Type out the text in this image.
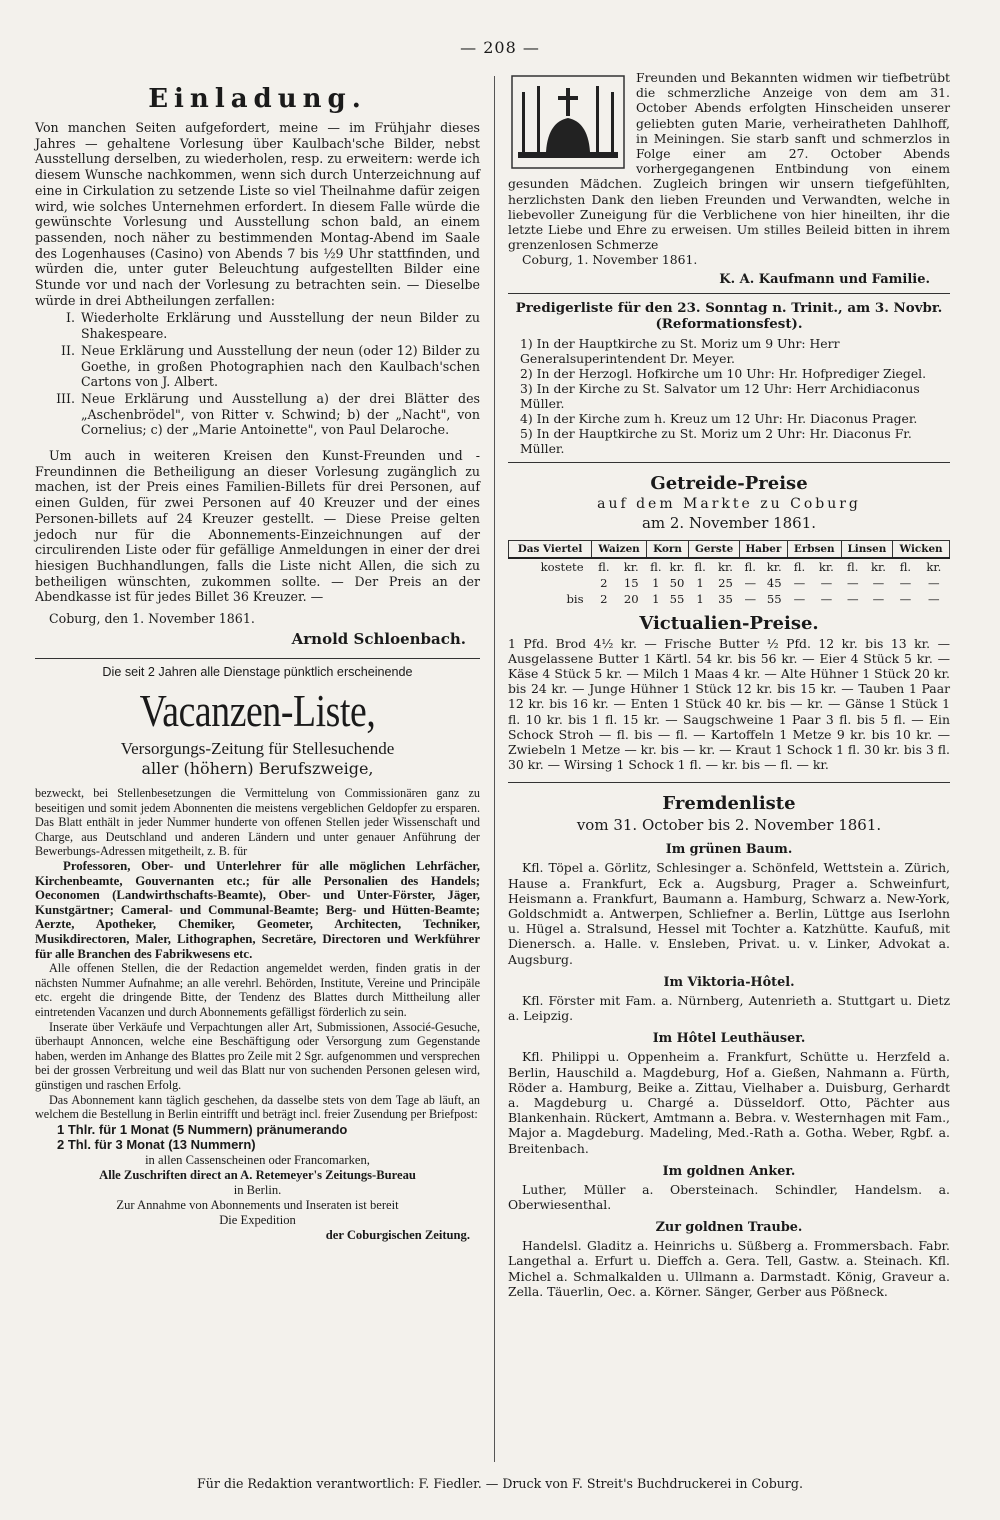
— 208 —
Einladung.

Von manchen Seiten aufgefordert, meine — im Frühjahr dieses Jahres — gehaltene Vorlesung über Kaulbach'sche Bilder, nebst Ausstellung derselben, zu wiederholen, resp. zu erweitern: werde ich diesem Wunsche nachkommen, wenn sich durch Unterzeichnung auf eine in Cirkulation zu setzende Liste so viel Theilnahme dafür zeigen wird, wie solches Unternehmen erfordert. In diesem Falle würde die gewünschte Vorlesung und Ausstellung schon bald, an einem passenden, noch näher zu bestimmenden Montag-Abend im Saale des Logenhauses (Casino) von Abends 7 bis ½9 Uhr stattfinden, und würden die, unter guter Beleuchtung aufgestellten Bilder eine Stunde vor und nach der Vorlesung zu betrachten sein. — Dieselbe würde in drei Abtheilungen zerfallen:

I. Wiederholte Erklärung und Ausstellung der neun Bilder zu Shakespeare.
II. Neue Erklärung und Ausstellung der neun (oder 12) Bilder zu Goethe, in großen Photographien nach den Kaulbach'schen Cartons von J. Albert.
III. Neue Erklärung und Ausstellung a) der drei Blätter des „Aschenbrödel", von Ritter v. Schwind; b) der „Nacht", von Cornelius; c) der „Marie Antoinette", von Paul Delaroche.

Um auch in weiteren Kreisen den Kunst-Freunden und -Freundinnen die Betheiligung an dieser Vorlesung zugänglich zu machen, ist der Preis eines Familien-Billets für drei Personen, auf einen Gulden, für zwei Personen auf 40 Kreuzer und der eines Personen-billets auf 24 Kreuzer gestellt. — Diese Preise gelten jedoch nur für die Abonnements-Einzeichnungen auf der circulirenden Liste oder für gefällige Anmeldungen in einer der drei hiesigen Buchhandlungen, falls die Liste nicht Allen, die sich zu betheiligen wünschten, zukommen sollte. — Der Preis an der Abendkasse ist für jedes Billet 36 Kreuzer. —

Coburg, den 1. November 1861.

Arnold Schloenbach.

Die seit 2 Jahren alle Dienstage pünktlich erscheinende

Vacanzen-Liste,

Versorgungs-Zeitung für Stellesuchende

aller (höhern) Berufszweige,

bezweckt, bei Stellenbesetzungen die Vermittelung von Commissionären ganz zu beseitigen und somit jedem Abonnenten die meistens vergeblichen Geldopfer zu ersparen. Das Blatt enthält in jeder Nummer hunderte von offenen Stellen jeder Wissenschaft und Charge, aus Deutschland und anderen Ländern und unter genauer Anführung der Bewerbungs-Adressen mitgetheilt, z. B. für

Professoren, Ober- und Unterlehrer für alle möglichen Lehrfächer, Kirchenbeamte, Gouvernanten etc.; für alle Personalien des Handels; Oeconomen (Landwirthschafts-Beamte), Ober- und Unter-Förster, Jäger, Kunstgärtner; Cameral- und Communal-Beamte; Berg- und Hütten-Beamte; Aerzte, Apotheker, Chemiker, Geometer, Architecten, Techniker, Musikdirectoren, Maler, Lithographen, Secretäre, Directoren und Werkführer für alle Branchen des Fabrikwesens etc.

Alle offenen Stellen, die der Redaction angemeldet werden, finden gratis in der nächsten Nummer Aufnahme; an alle verehrl. Behörden, Institute, Vereine und Principäle etc. ergeht die dringende Bitte, der Tendenz des Blattes durch Mittheilung aller eintretenden Vacanzen und durch Abonnements gefälligst förderlich zu sein.

Inserate über Verkäufe und Verpachtungen aller Art, Submissionen, Associé-Gesuche, überhaupt Annoncen, welche eine Beschäftigung oder Versorgung zum Gegenstande haben, werden im Anhange des Blattes pro Zeile mit 2 Sgr. aufgenommen und versprechen bei der grossen Verbreitung und weil das Blatt nur von suchenden Personen gelesen wird, günstigen und raschen Erfolg.

Das Abonnement kann täglich geschehen, da dasselbe stets von dem Tage ab läuft, an welchem die Bestellung in Berlin eintrifft und beträgt incl. freier Zusendung per Briefpost:

1 Thlr. für 1 Monat (5 Nummern) pränumerando

2 Thl. für 3 Monat (13 Nummern)

in allen Cassenscheinen oder Francomarken,

Alle Zuschriften direct an A. Retemeyer's Zeitungs-Bureau

in Berlin.

Zur Annahme von Abonnements und Inseraten ist bereit

Die Expedition

der Coburgischen Zeitung.

Freunden und Bekannten widmen wir tiefbetrübt die schmerzliche Anzeige von dem am 31. October Abends erfolgten Hinscheiden unserer geliebten guten Marie, verheiratheten Dahlhoff, in Meiningen. Sie starb sanft und schmerzlos in Folge einer am 27. October Abends vorhergegangenen Entbindung von einem gesunden Mädchen. Zugleich bringen wir unsern tiefgefühlten, herzlichsten Dank den lieben Freunden und Verwandten, welche in liebevoller Zuneigung für die Verblichene von hier hineilten, ihr die letzte Liebe und Ehre zu erweisen. Um stilles Beileid bitten in ihrem grenzenlosen Schmerze

Coburg, 1. November 1861.

K. A. Kaufmann und Familie.

Predigerliste für den 23. Sonntag n. Trinit., am 3. Novbr. (Reformationsfest).

1) In der Hauptkirche zu St. Moriz um 9 Uhr: Herr Generalsuperintendent Dr. Meyer.

2) In der Herzogl. Hofkirche um 10 Uhr: Hr. Hofprediger Ziegel.

3) In der Kirche zu St. Salvator um 12 Uhr: Herr Archidiaconus Müller.

4) In der Kirche zum h. Kreuz um 12 Uhr: Hr. Diaconus Prager.

5) In der Hauptkirche zu St. Moriz um 2 Uhr: Hr. Diaconus Fr. Müller.

Getreide-Preise

auf dem Markte zu Coburg

am 2. November 1861.

Das Viertel	Waizen		Korn		Gerste		Haber		Erbsen		Linsen		Wicken	
kostete	fl.	kr.	fl.	kr.	fl.	kr.	fl.	kr.	fl.	kr.	fl.	kr.	fl.	kr.
	2	15	1	50	1	25	—	45	—	—	—	—	—	—
bis	2	20	1	55	1	35	—	55	—	—	—	—	—	—

Victualien-Preise.

1 Pfd. Brod 4½ kr. — Frische Butter ½ Pfd. 12 kr. bis 13 kr. — Ausgelassene Butter 1 Kärtl. 54 kr. bis 56 kr. — Eier 4 Stück 5 kr. — Käse 4 Stück 5 kr. — Milch 1 Maas 4 kr. — Alte Hühner 1 Stück 20 kr. bis 24 kr. — Junge Hühner 1 Stück 12 kr. bis 15 kr. — Tauben 1 Paar 12 kr. bis 16 kr. — Enten 1 Stück 40 kr. bis — kr. — Gänse 1 Stück 1 fl. 10 kr. bis 1 fl. 15 kr. — Saugschweine 1 Paar 3 fl. bis 5 fl. — Ein Schock Stroh — fl. bis — fl. — Kartoffeln 1 Metze 9 kr. bis 10 kr. — Zwiebeln 1 Metze — kr. bis — kr. — Kraut 1 Schock 1 fl. 30 kr. bis 3 fl. 30 kr. — Wirsing 1 Schock 1 fl. — kr. bis — fl. — kr.

Fremdenliste

vom 31. October bis 2. November 1861.

Im grünen Baum.

Kfl. Töpel a. Görlitz, Schlesinger a. Schönfeld, Wettstein a. Zürich, Hause a. Frankfurt, Eck a. Augsburg, Prager a. Schweinfurt, Heismann a. Frankfurt, Baumann a. Hamburg, Schwarz a. New-York, Goldschmidt a. Antwerpen, Schliefner a. Berlin, Lüttge aus Iserlohn u. Hügel a. Stralsund, Hessel mit Tochter a. Katzhütte. Kaufuß, mit Dienersch. a. Halle. v. Ensleben, Privat. u. v. Linker, Advokat a. Augsburg.

Im Viktoria-Hôtel.

Kfl. Förster mit Fam. a. Nürnberg, Autenrieth a. Stuttgart u. Dietz a. Leipzig.

Im Hôtel Leuthäuser.

Kfl. Philippi u. Oppenheim a. Frankfurt, Schütte u. Herzfeld a. Berlin, Hauschild a. Magdeburg, Hof a. Gießen, Nahmann a. Fürth, Röder a. Hamburg, Beike a. Zittau, Vielhaber a. Duisburg, Gerhardt a. Magdeburg u. Chargé a. Düsseldorf. Otto, Pächter aus Blankenhain. Rückert, Amtmann a. Bebra. v. Westernhagen mit Fam., Major a. Magdeburg. Madeling, Med.-Rath a. Gotha. Weber, Rgbf. a. Breitenbach.

Im goldnen Anker.

Luther, Müller a. Obersteinach. Schindler, Handelsm. a. Oberwiesenthal.

Zur goldnen Traube.

Handelsl. Gladitz a. Heinrichs u. Süßberg a. Frommersbach. Fabr. Langethal a. Erfurt u. Dieffch a. Gera. Tell, Gastw. a. Steinach. Kfl. Michel a. Schmalkalden u. Ullmann a. Darmstadt. König, Graveur a. Zella. Täuerlin, Oec. a. Körner. Sänger, Gerber aus Pößneck.

Für die Redaktion verantwortlich: F. Fiedler. — Druck von F. Streit's Buchdruckerei in Coburg.
